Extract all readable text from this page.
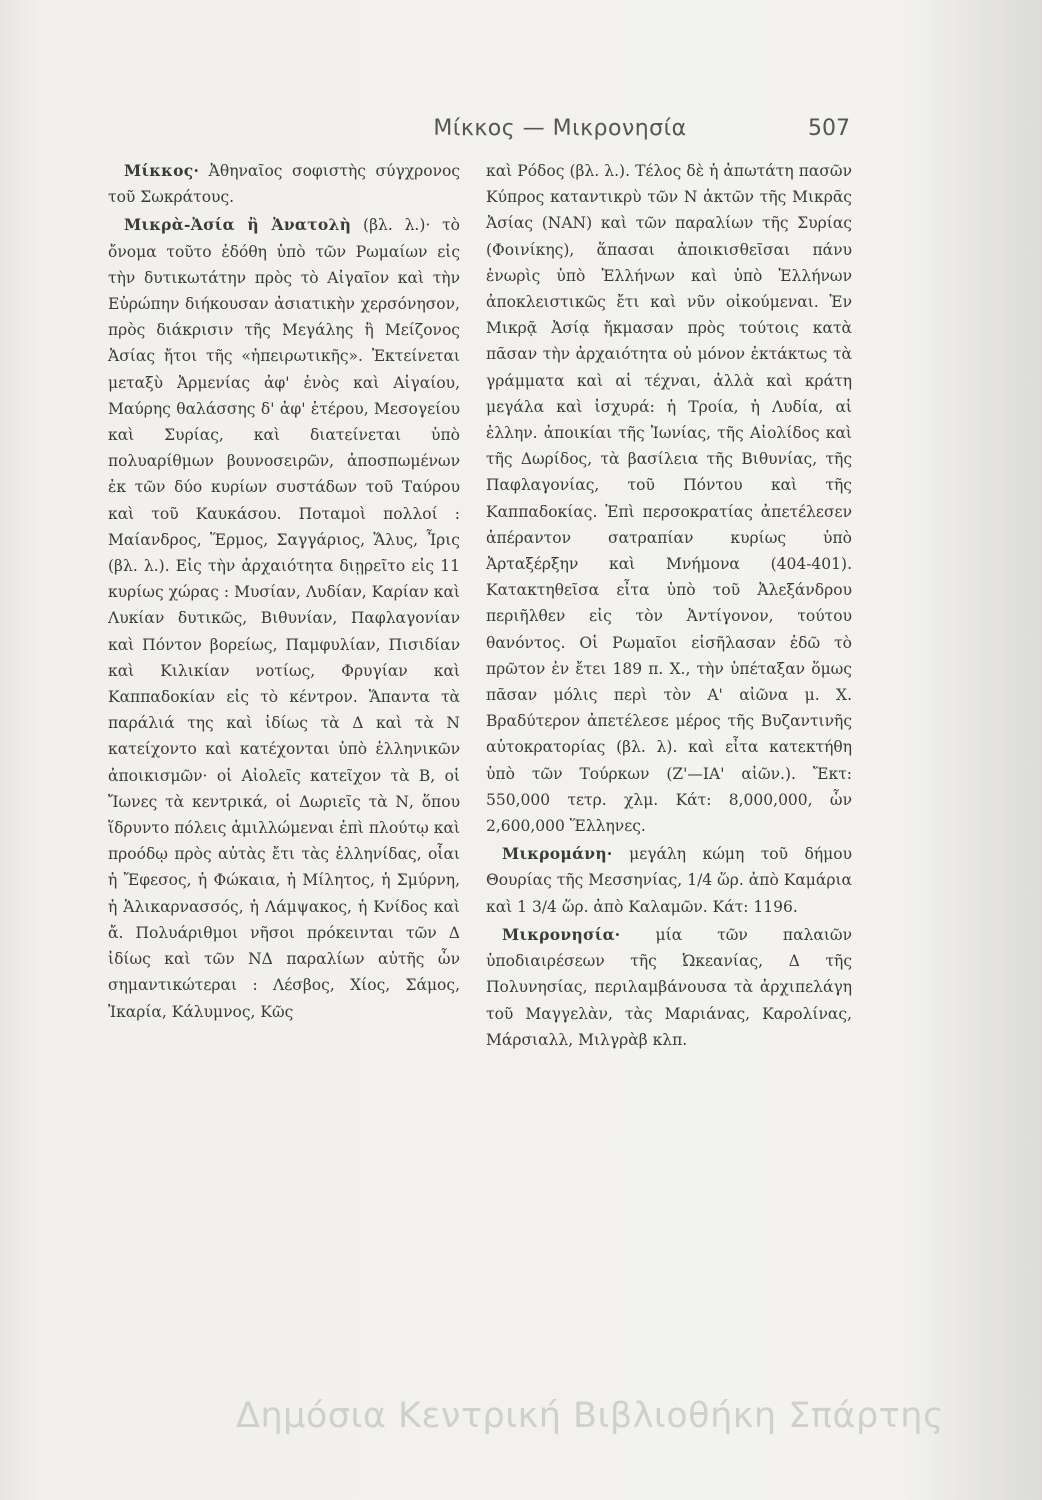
Μίκκος — Μικρονησία	507

Μίκκος· Ἀθηναῖος σοφιστὴς σύγχρονος τοῦ Σωκράτους.

Μικρὰ-Ἀσία ἢ Ἀνατολὴ (βλ. λ.)· τὸ ὄνομα τοῦτο ἐδόθη ὑπὸ τῶν Ρωμαίων εἰς τὴν δυτικωτάτην πρὸς τὸ Αἰγαῖον καὶ τὴν Εὐρώπην διήκουσαν ἀσιατικὴν χερσόνησον, πρὸς διάκρισιν τῆς Μεγάλης ἢ Μείζονος Ἀσίας ἤτοι τῆς «ἠπειρωτικῆς». Ἐκτείνεται μεταξὺ Ἀρμενίας ἀφ' ἑνὸς καὶ Αἰγαίου, Μαύρης θαλάσσης δ' ἀφ' ἑτέρου, Μεσογείου καὶ Συρίας, καὶ διατείνεται ὑπὸ πολυαρίθμων βουνοσειρῶν, ἀποσπωμένων ἐκ τῶν δύο κυρίων συστάδων τοῦ Ταύρου καὶ τοῦ Καυκάσου. Ποταμοὶ πολλοί : Μαίανδρος, Ἕρμος, Σαγγάριος, Ἅλυς, Ἶρις (βλ. λ.). Εἰς τὴν ἀρχαιότητα διῃρεῖτο εἰς 11 κυρίως χώρας : Μυσίαν, Λυδίαν, Καρίαν καὶ Λυκίαν δυτικῶς, Βιθυνίαν, Παφλαγονίαν καὶ Πόντον βορείως, Παμφυλίαν, Πισιδίαν καὶ Κιλικίαν νοτίως, Φρυγίαν καὶ Καππαδοκίαν εἰς τὸ κέντρον. Ἅπαντα τὰ παράλιά της καὶ ἰδίως τὰ Δ καὶ τὰ Ν κατείχοντο καὶ κατέχονται ὑπὸ ἑλληνικῶν ἀποικισμῶν· οἱ Αἰολεῖς κατεῖχον τὰ Β, οἱ Ἴωνες τὰ κεντρικά, οἱ Δωριεῖς τὰ Ν, ὅπου ἵδρυντο πόλεις ἁμιλλώμεναι ἐπὶ πλούτῳ καὶ προόδῳ πρὸς αὐτὰς ἔτι τὰς ἑλληνίδας, οἷαι ἡ Ἔφεσος, ἡ Φώκαια, ἡ Μίλητος, ἡ Σμύρνη, ἡ Ἁλικαρνασσός, ἡ Λάμψακος, ἡ Κνίδος καὶ ἄ. Πολυάριθμοι νῆσοι πρόκεινται τῶν Δ ἰδίως καὶ τῶν ΝΔ παραλίων αὐτῆς ὧν σημαντικώτεραι : Λέσβος, Χίος, Σάμος, Ἰκαρία, Κάλυμνος, Κῶς

καὶ Ρόδος (βλ. λ.). Τέλος δὲ ἡ ἀπωτάτη πασῶν Κύπρος καταντικρὺ τῶν Ν ἀκτῶν τῆς Μικρᾶς Ἀσίας (ΝΑΝ) καὶ τῶν παραλίων τῆς Συρίας (Φοινίκης), ἅπασαι ἀποικισθεῖσαι πάνυ ἐνωρὶς ὑπὸ Ἑλλήνων καὶ ὑπὸ Ἑλλήνων ἀποκλειστικῶς ἔτι καὶ νῦν οἰκούμεναι. Ἐν Μικρᾷ Ἀσίᾳ ἤκμασαν πρὸς τούτοις κατὰ πᾶσαν τὴν ἀρχαιότητα οὐ μόνον ἐκτάκτως τὰ γράμματα καὶ αἱ τέχναι, ἀλλὰ καὶ κράτη μεγάλα καὶ ἰσχυρά: ἡ Τροία, ἡ Λυδία, αἱ ἑλλην. ἀποικίαι τῆς Ἰωνίας, τῆς Αἰολίδος καὶ τῆς Δωρίδος, τὰ βασίλεια τῆς Βιθυνίας, τῆς Παφλαγονίας, τοῦ Πόντου καὶ τῆς Καππαδοκίας. Ἐπὶ περσοκρατίας ἀπετέλεσεν ἀπέραντον σατραπίαν κυρίως ὑπὸ Ἀρταξέρξην καὶ Μνήμονα (404-401). Κατακτηθεῖσα εἶτα ὑπὸ τοῦ Ἀλεξάνδρου περιῆλθεν εἰς τὸν Ἀντίγονον, τούτου θανόντος. Οἱ Ρωμαῖοι εἰσῆλασαν ἐδῶ τὸ πρῶτον ἐν ἔτει 189 π. Χ., τὴν ὑπέταξαν ὅμως πᾶσαν μόλις περὶ τὸν Α' αἰῶνα μ. Χ. Βραδύτερον ἀπετέλεσε μέρος τῆς Βυζαντινῆς αὐτοκρατορίας (βλ. λ). καὶ εἶτα κατεκτήθη ὑπὸ τῶν Τούρκων (Ζ'—ΙΑ' αἰῶν.). Ἔκτ: 550,000 τετρ. χλμ. Κάτ: 8,000,000, ὧν 2,600,000 Ἕλληνες.

Μικρομάνη· μεγάλη κώμη τοῦ δήμου Θουρίας τῆς Μεσσηνίας, 1/4 ὥρ. ἀπὸ Καμάρια καὶ 1 3/4 ὥρ. ἀπὸ Καλαμῶν. Κάτ: 1196.

Μικρονησία· μία τῶν παλαιῶν ὑποδιαιρέσεων τῆς Ὠκεανίας, Δ τῆς Πολυνησίας, περιλαμβάνουσα τὰ ἀρχιπελάγη τοῦ Μαγγελὰν, τὰς Μαριάνας, Καρολίνας, Μάρσιαλλ, Μιλγρὰβ κλπ.

Δημόσια Κεντρική Βιβλιοθήκη Σπάρτης
